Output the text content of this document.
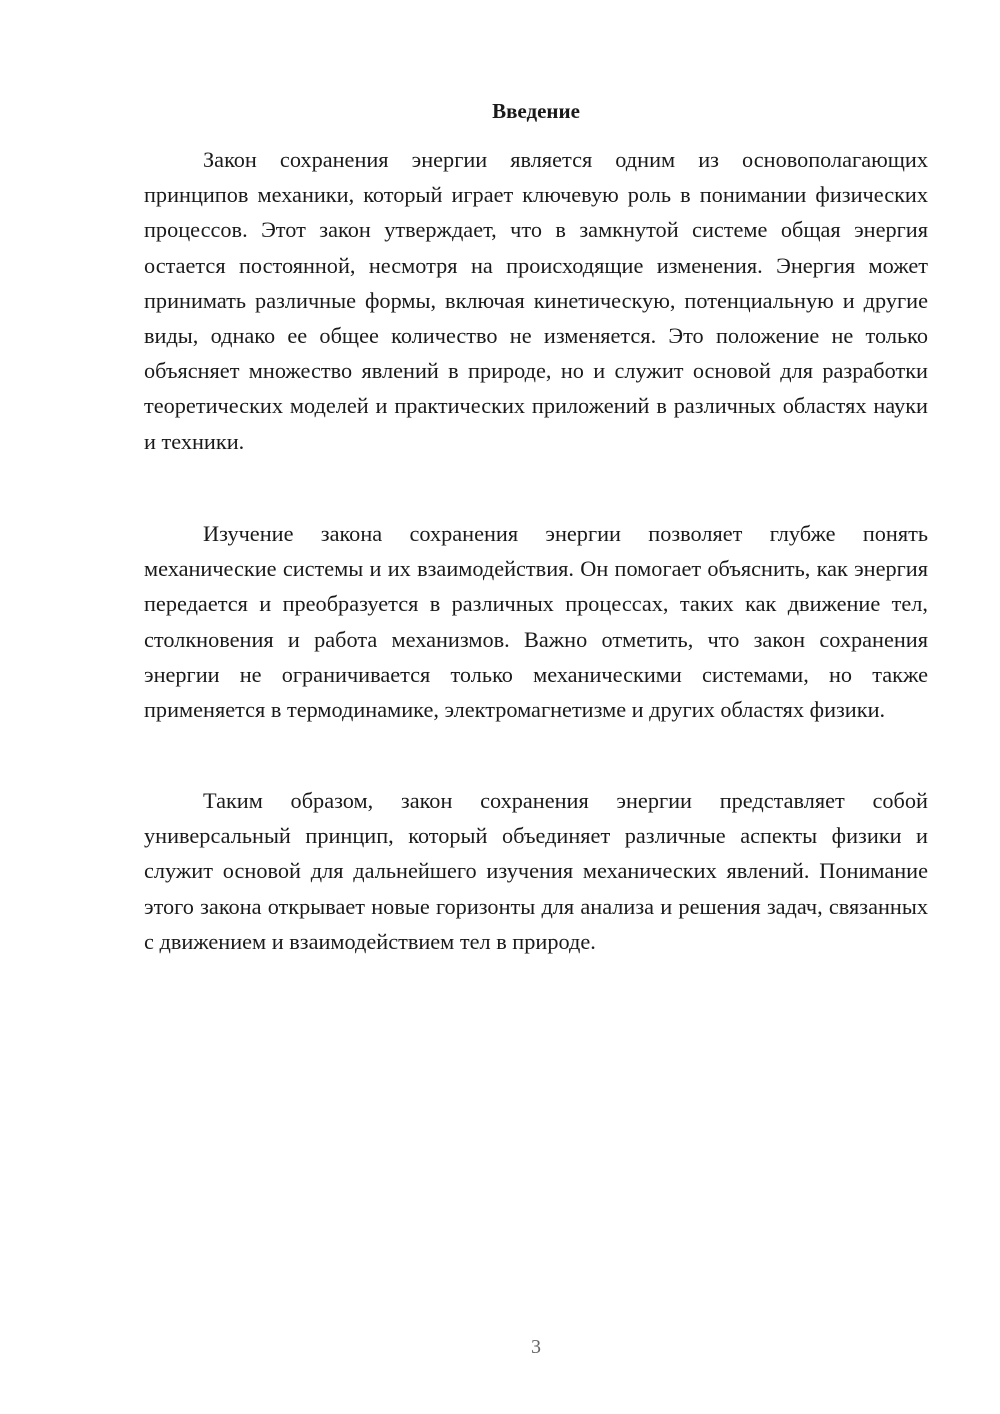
Введение

Закон сохранения энергии является одним из основополагающих принципов механики, который играет ключевую роль в понимании физических процессов. Этот закон утверждает, что в замкнутой системе общая энергия остается постоянной, несмотря на происходящие изменения. Энергия может принимать различные формы, включая кинетическую, потенциальную и другие виды, однако ее общее количество не изменяется. Это положение не только объясняет множество явлений в природе, но и служит основой для разработки теоретических моделей и практических приложений в различных областях науки и техники.

Изучение закона сохранения энергии позволяет глубже понять механические системы и их взаимодействия. Он помогает объяснить, как энергия передается и преобразуется в различных процессах, таких как движение тел, столкновения и работа механизмов. Важно отметить, что закон сохранения энергии не ограничивается только механическими системами, но также применяется в термодинамике, электромагнетизме и других областях физики.

Таким образом, закон сохранения энергии представляет собой универсальный принцип, который объединяет различные аспекты физики и служит основой для дальнейшего изучения механических явлений. Понимание этого закона открывает новые горизонты для анализа и решения задач, связанных с движением и взаимодействием тел в природе.

3
